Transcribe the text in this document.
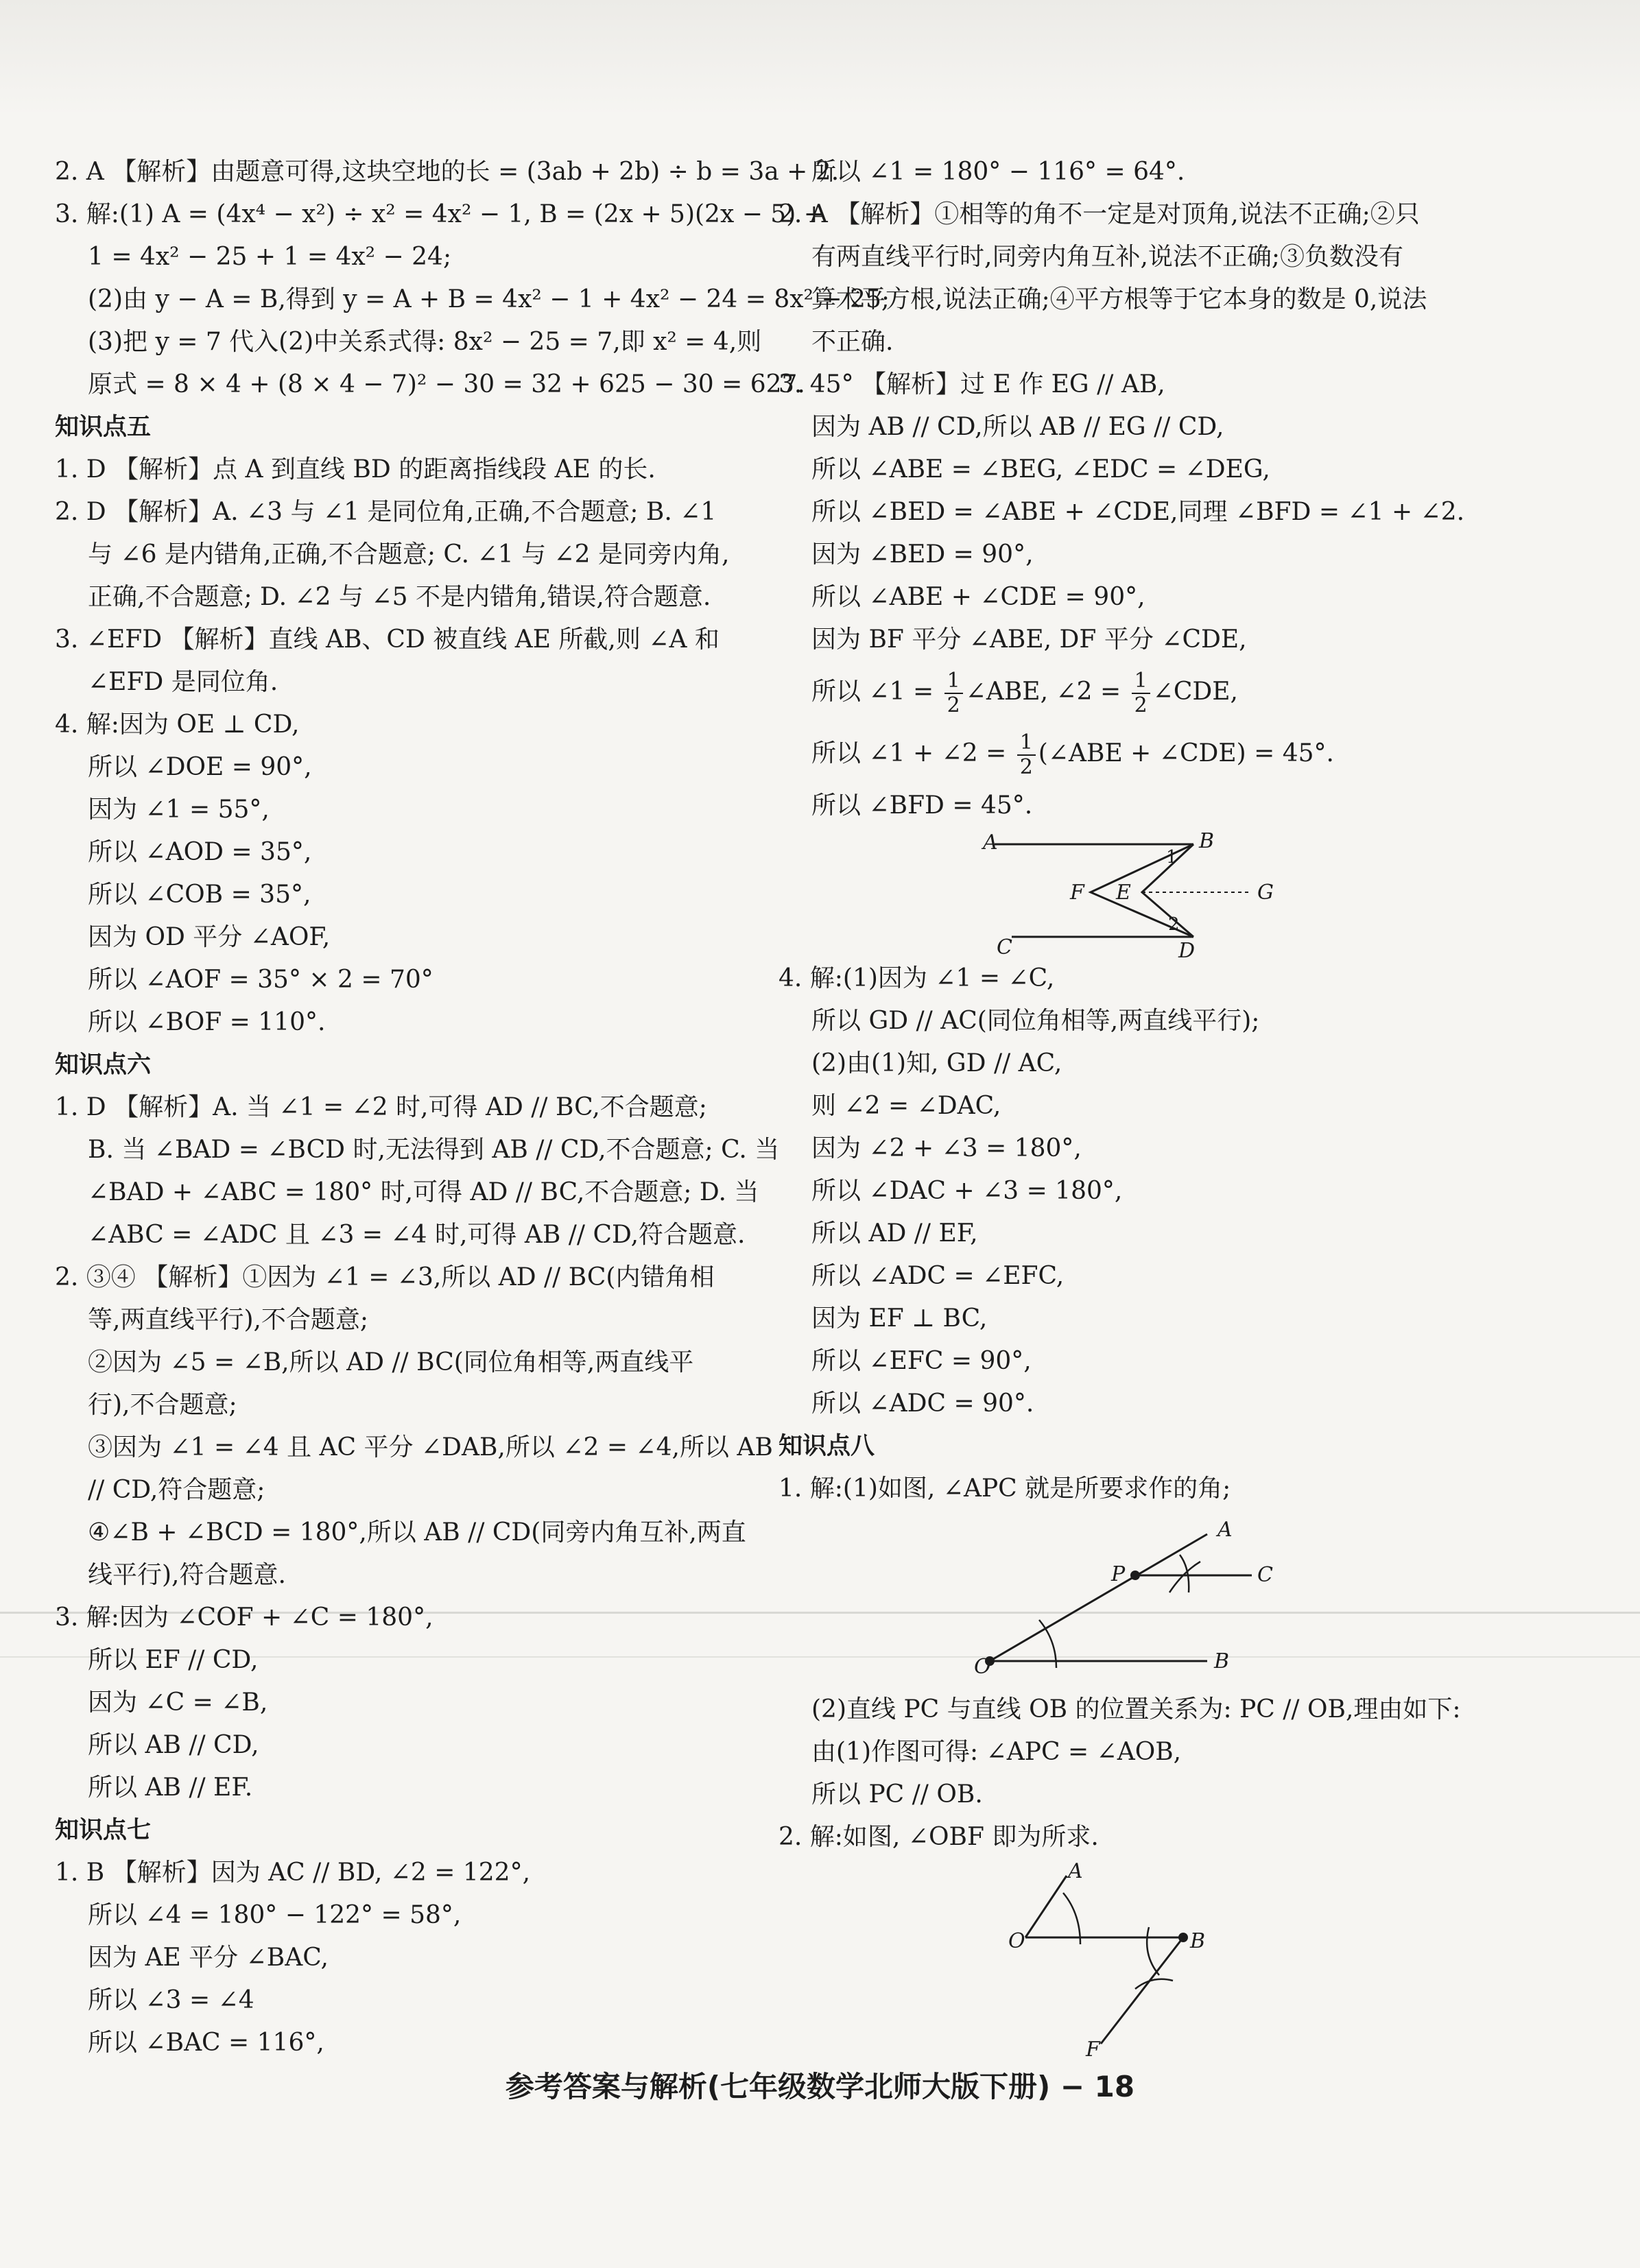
2. A 【解析】由题意可得,这块空地的长 = (3ab + 2b) ÷ b = 3a + 2.
3. 解:(1) A = (4x⁴ − x²) ÷ x² = 4x² − 1, B = (2x + 5)(2x − 5) +
1 = 4x² − 25 + 1 = 4x² − 24;
(2)由 y − A = B,得到 y = A + B = 4x² − 1 + 4x² − 24 = 8x² − 25;
(3)把 y = 7 代入(2)中关系式得: 8x² − 25 = 7,即 x² = 4,则
原式 = 8 × 4 + (8 × 4 − 7)² − 30 = 32 + 625 − 30 = 627.
知识点五
1. D 【解析】点 A 到直线 BD 的距离指线段 AE 的长.
2. D 【解析】A. ∠3 与 ∠1 是同位角,正确,不合题意; B. ∠1
与 ∠6 是内错角,正确,不合题意; C. ∠1 与 ∠2 是同旁内角,
正确,不合题意; D. ∠2 与 ∠5 不是内错角,错误,符合题意.
3. ∠EFD 【解析】直线 AB、CD 被直线 AE 所截,则 ∠A 和
∠EFD 是同位角.
4. 解:因为 OE ⊥ CD,
所以 ∠DOE = 90°,
因为 ∠1 = 55°,
所以 ∠AOD = 35°,
所以 ∠COB = 35°,
因为 OD 平分 ∠AOF,
所以 ∠AOF = 35° × 2 = 70°
所以 ∠BOF = 110°.
知识点六
1. D 【解析】A. 当 ∠1 = ∠2 时,可得 AD // BC,不合题意;
B. 当 ∠BAD = ∠BCD 时,无法得到 AB // CD,不合题意; C. 当
∠BAD + ∠ABC = 180° 时,可得 AD // BC,不合题意; D. 当
∠ABC = ∠ADC 且 ∠3 = ∠4 时,可得 AB // CD,符合题意.
2. ③④ 【解析】①因为 ∠1 = ∠3,所以 AD // BC(内错角相
等,两直线平行),不合题意;
②因为 ∠5 = ∠B,所以 AD // BC(同位角相等,两直线平
行),不合题意;
③因为 ∠1 = ∠4 且 AC 平分 ∠DAB,所以 ∠2 = ∠4,所以 AB
// CD,符合题意;
④∠B + ∠BCD = 180°,所以 AB // CD(同旁内角互补,两直
线平行),符合题意.
3. 解:因为 ∠COF + ∠C = 180°,
所以 EF // CD,
因为 ∠C = ∠B,
所以 AB // CD,
所以 AB // EF.
知识点七
1. B 【解析】因为 AC // BD, ∠2 = 122°,
所以 ∠4 = 180° − 122° = 58°,
因为 AE 平分 ∠BAC,
所以 ∠3 = ∠4
所以 ∠BAC = 116°,
所以 ∠1 = 180° − 116° = 64°.
2. A 【解析】①相等的角不一定是对顶角,说法不正确;②只
有两直线平行时,同旁内角互补,说法不正确;③负数没有
算术平方根,说法正确;④平方根等于它本身的数是 0,说法
不正确.
3. 45° 【解析】过 E 作 EG // AB,
因为 AB // CD,所以 AB // EG // CD,
所以 ∠ABE = ∠BEG, ∠EDC = ∠DEG,
所以 ∠BED = ∠ABE + ∠CDE,同理 ∠BFD = ∠1 + ∠2.
因为 ∠BED = 90°,
所以 ∠ABE + ∠CDE = 90°,
因为 BF 平分 ∠ABE, DF 平分 ∠CDE,
所以 ∠1 = $\frac{1}{2}$ ∠ABE, ∠2 = $\frac{1}{2}$ ∠CDE,
所以 ∠1 + ∠2 = $\frac{1}{2}$ (∠ABE + ∠CDE) = 45°.
所以 ∠BFD = 45°.
A	B
F E	G
C	D
1
2
4. 解:(1)因为 ∠1 = ∠C,
所以 GD // AC(同位角相等,两直线平行);
(2)由(1)知, GD // AC,
则 ∠2 = ∠DAC,
因为 ∠2 + ∠3 = 180°,
所以 ∠DAC + ∠3 = 180°,
所以 AD // EF,
所以 ∠ADC = ∠EFC,
因为 EF ⊥ BC,
所以 ∠EFC = 90°,
所以 ∠ADC = 90°.
知识点八
1. 解:(1)如图, ∠APC 就是所要求作的角;
O
P	C
A
B
(2)直线 PC 与直线 OB 的位置关系为: PC // OB,理由如下:
由(1)作图可得: ∠APC = ∠AOB,
所以 PC // OB.
2. 解:如图, ∠OBF 即为所求.
A
O	B
F
参考答案与解析(七年级数学北师大版下册) − 18
